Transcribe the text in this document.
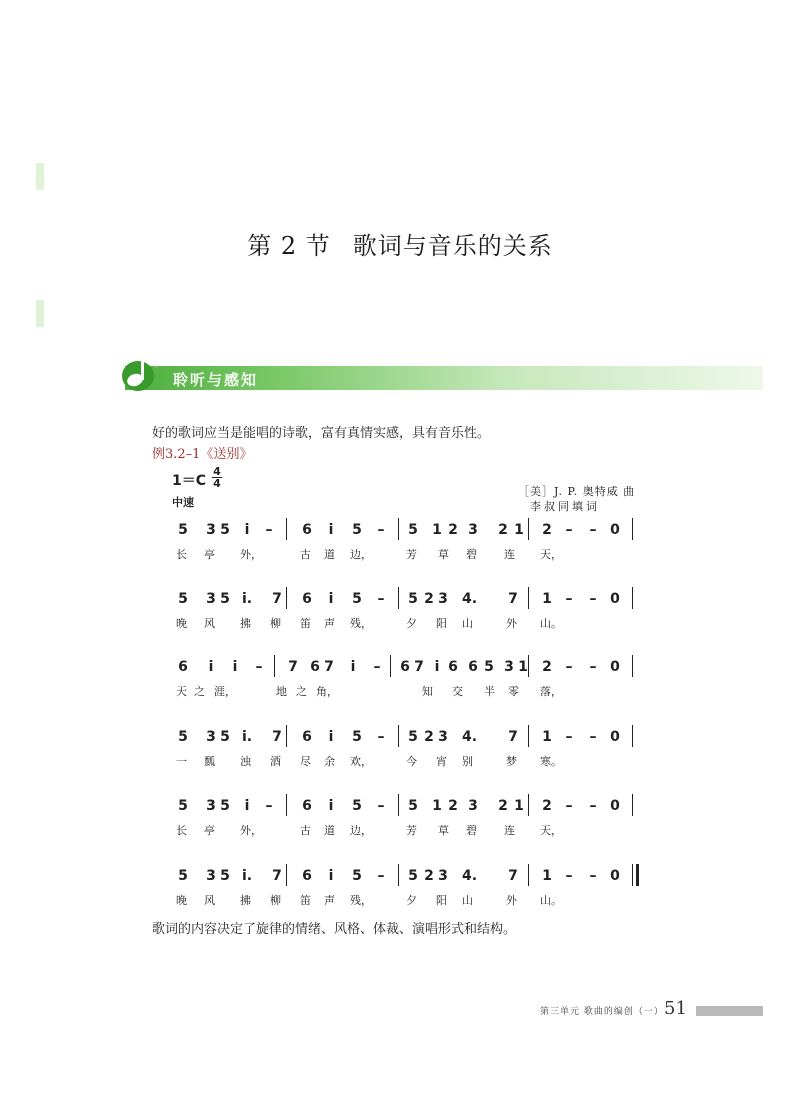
第 2 节 歌词与音乐的关系
聆听与感知
好的歌词应当是能唱的诗歌，富有真情实感，具有音乐性。
例3.2–1《送别》
1＝C
4
4
中速
［美］J. P. 奥特威 曲
李叔同填词
5 3 5	i	– 6	i	5 – 5 1 2 3 2 1 2 – – 0
长 亭 外，	古 道 边，	芳 草 碧 连 天，
5 3 5 i. 7 6	i	5 – 5 2 3 4. 7 1 – – 0
晚 风 拂 柳 笛 声 残，	夕 阳 山	外 山。
6	i	i	– 7 6 7	i	– 6 7 i 6 6 5 3 1 2 – – 0
天 之 涯，	地 之 角，	知 交 半 零 落，
5 3 5 i. 7 6	i	5 – 5 2 3 4. 7 1 – – 0
一 瓢 浊 酒 尽 余 欢，	今 宵 别	梦 寒。
5 3 5	i	– 6	i	5 – 5 1 2 3 2 1 2 – – 0
长 亭 外，	古 道 边，	芳 草 碧 连 天，
5 3 5 i. 7 6	i	5 – 5 2 3 4. 7 1 – – 0
晚 风 拂 柳 笛 声 残，	夕 阳 山	外 山。
歌词的内容决定了旋律的情绪、风格、体裁、演唱形式和结构。
第三单元 歌曲的编创（一） 51
